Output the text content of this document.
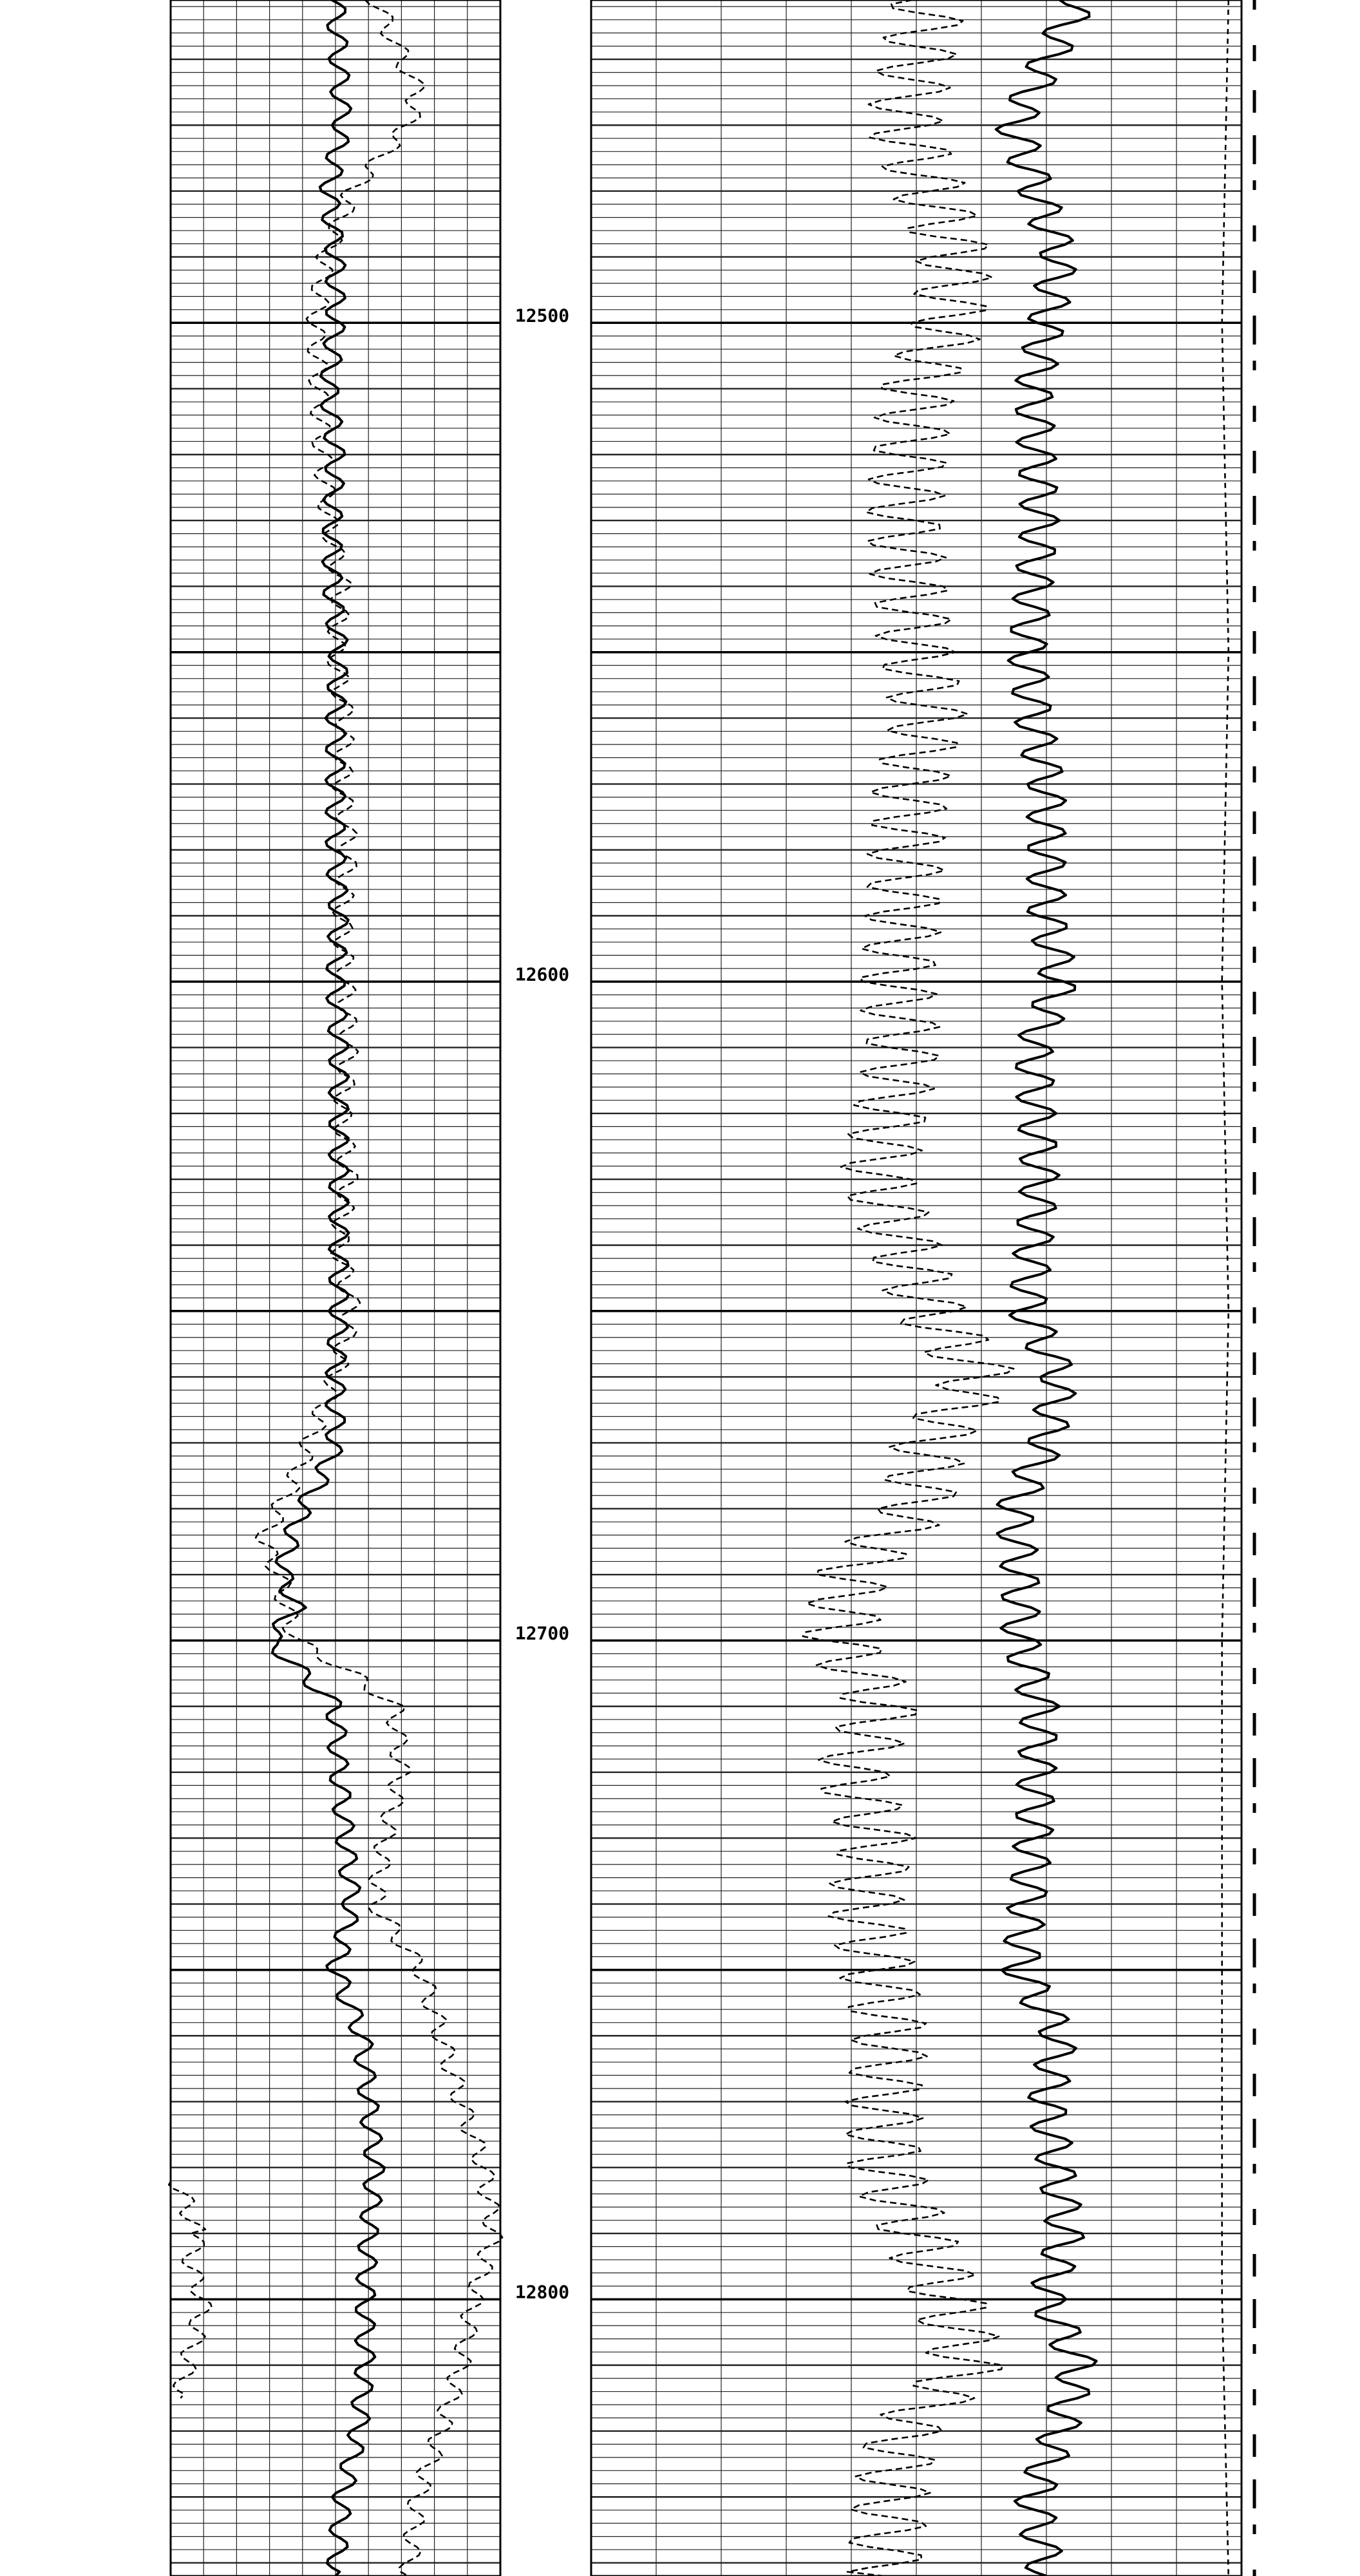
12500
12600
12700
12800
